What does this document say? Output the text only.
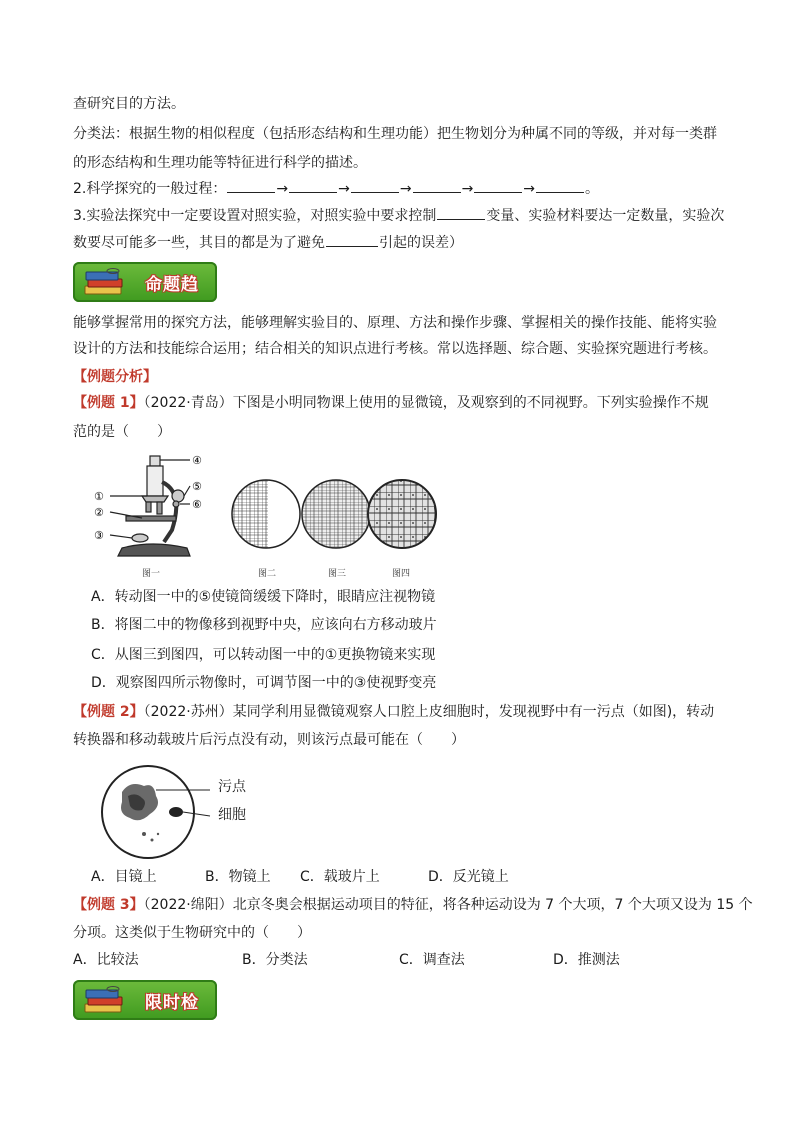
查研究目的方法。
分类法：根据生物的相似程度（包括形态结构和生理功能）把生物划分为种属不同的等级，并对每一类群
的形态结构和生理功能等特征进行科学的描述。
2.科学探究的一般过程：	→	→	→	→	→	。
3.实验法探究中一定要设置对照实验，对照实验中要求控制	变量、实验材料要达一定数量，实验次
数要尽可能多一些，其目的都是为了避免	引起的误差）
命题趋
能够掌握常用的探究方法，能够理解实验目的、原理、方法和操作步骤、掌握相关的操作技能、能将实验
设计的方法和技能综合运用；结合相关的知识点进行考核。常以选择题、综合题、实验探究题进行考核。
【例题分析】
【例题 1】（2022·青岛）下图是小明同物课上使用的显微镜，及观察到的不同视野。下列实验操作不规
范的是（　　）
①
②
③
④
⑤
⑥
图一	图二	图三	图四
A．转动图一中的⑤使镜筒缓缓下降时，眼睛应注视物镜
B．将图二中的物像移到视野中央，应该向右方移动玻片
C．从图三到图四，可以转动图一中的①更换物镜来实现
D．观察图四所示物像时，可调节图一中的③使视野变亮
【例题 2】（2022·苏州）某同学利用显微镜观察人口腔上皮细胞时，发现视野中有一污点（如图)，转动
转换器和移动载玻片后污点没有动，则该污点最可能在（　　）
污点
细胞
A．目镜上	B．物镜上 C．载玻片上	D．反光镜上
【例题 3】（2022·绵阳）北京冬奥会根据运动项目的特征，将各种运动设为 7 个大项，7 个大项又设为 15 个
分项。这类似于生物研究中的（　　）
A．比较法	B．分类法	C．调查法	D．推测法
限时检
